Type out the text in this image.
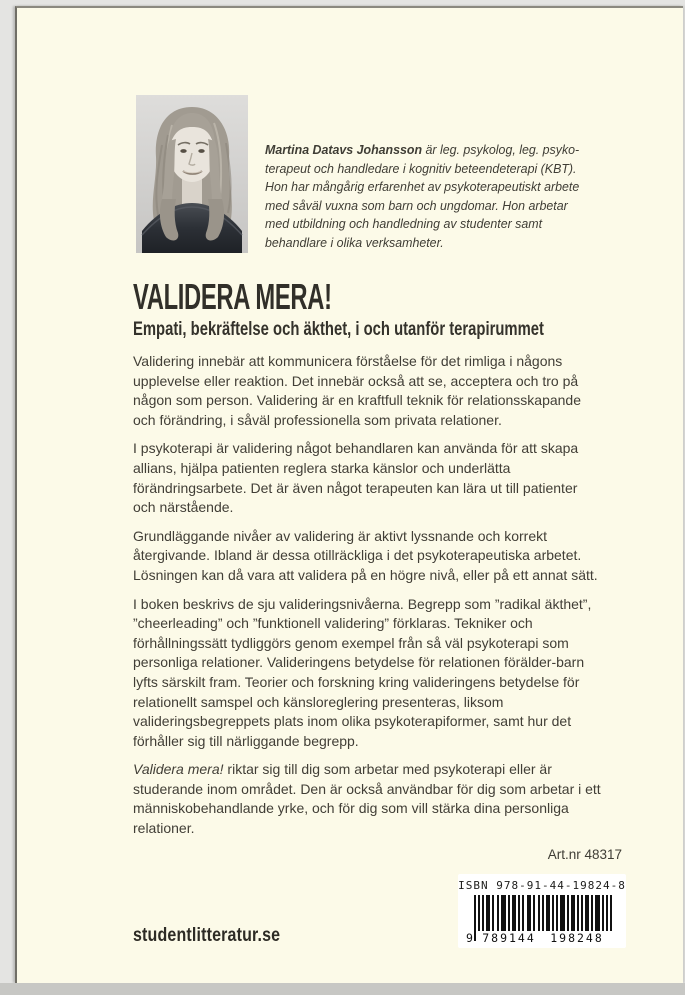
Martina Datavs Johansson är leg. psykolog, leg. psyko-
terapeut och handledare i kognitiv beteendeterapi (KBT).
Hon har mångårig erfarenhet av psykoterapeutiskt arbete
med såväl vuxna som barn och ungdomar. Hon arbetar
med utbildning och handledning av studenter samt
behandlare i olika verksamheter.
VALIDERA MERA!
Empati, bekräftelse och äkthet, i och utanför terapirummet

Validering innebär att kommunicera förståelse för det rimliga i någons upplevelse eller reaktion. Det innebär också att se, acceptera och tro på någon som person. Validering är en kraftfull teknik för relationsskapande och förändring, i såväl professionella som privata relationer.

I psykoterapi är validering något behandlaren kan använda för att skapa allians, hjälpa patienten reglera starka känslor och underlätta förändringsarbete. Det är även något terapeuten kan lära ut till patienter och närstående.

Grundläggande nivåer av validering är aktivt lyssnande och korrekt återgivande. Ibland är dessa otillräckliga i det psykoterapeutiska arbetet. Lösningen kan då vara att validera på en högre nivå, eller på ett annat sätt.

I boken beskrivs de sju valideringsnivåerna. Begrepp som ”radikal äkthet”, ”cheerleading” och ”funktionell validering” förklaras. Tekniker och förhållningssätt tydliggörs genom exempel från så väl psykoterapi som personliga relationer. Valideringens betydelse för relationen förälder-barn lyfts särskilt fram. Teorier och forskning kring valideringens betydelse för relationellt samspel och känsloreglering presenteras, liksom valideringsbegreppets plats inom olika psykoterapiformer, samt hur det förhåller sig till närliggande begrepp.

Validera mera! riktar sig till dig som arbetar med psykoterapi eller är studerande inom området. Den är också användbar för dig som arbetar i ett människobehandlande yrke, och för dig som vill stärka dina personliga relationer.

Art.nr 48317
ISBN 978-91-44-19824-8
9 789144	198248
studentlitteratur.se
